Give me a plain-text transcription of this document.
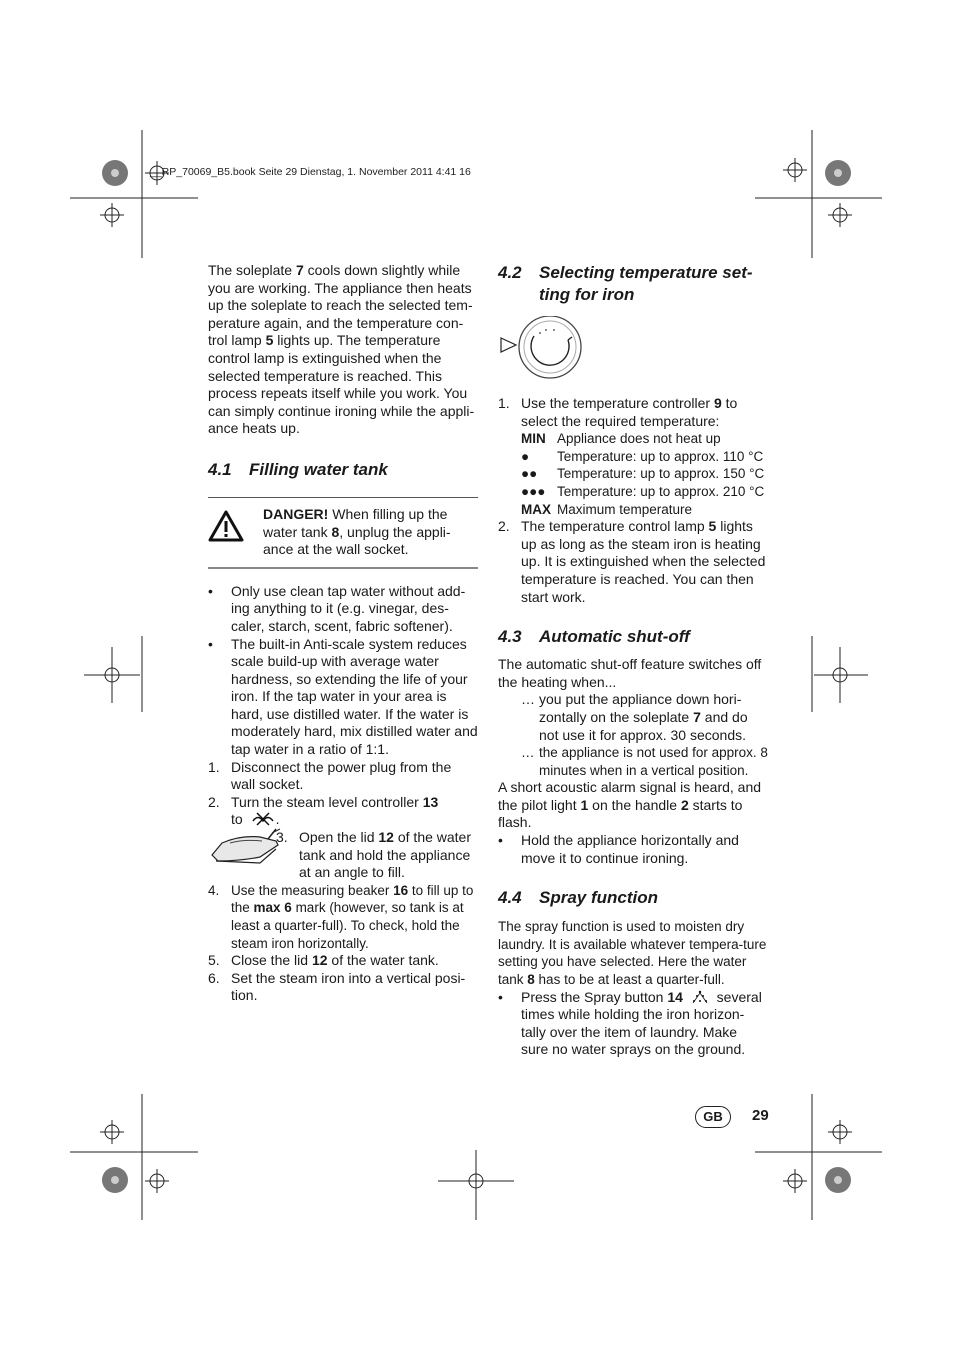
__RP_70069_B5.book Seite 29 Dienstag, 1. November 2011 4:41 16

The soleplate 7 cools down slightly while you are working. The appliance then heats up the soleplate to reach the selected tem-perature again, and the temperature con-trol lamp 5 lights up. The temperature control lamp is extinguished when the selected temperature is reached. This process repeats itself while you work. You can simply continue ironing while the appli-ance heats up.

4.1 Filling water tank

DANGER! When filling up the water tank 8, unplug the appli-ance at the wall socket.

• Only use clean tap water without add-ing anything to it (e.g. vinegar, des-caler, starch, scent, fabric softener).
• The built-in Anti-scale system reduces scale build-up with average water hardness, so extending the life of your iron. If the tap water in your area is hard, use distilled water. If the water is moderately hard, mix distilled water and tap water in a ratio of 1:1.
1. Disconnect the power plug from the wall socket.
2. Turn the steam level controller 13
to .
3. Open the lid 12 of the water tank and hold the appliance at an angle to fill.
4. Use the measuring beaker 16 to fill up to the max 6 mark (however, so tank is at least a quarter-full). To check, hold the steam iron horizontally.
5. Close the lid 12 of the water tank.
6. Set the steam iron into a vertical posi-tion.
4.2	Selecting temperature set-ting for iron
1. Use the temperature controller 9 to select the required temperature:
MIN Appliance does not heat up
●	Temperature: up to approx. 110 °C
●●	Temperature: up to approx. 150 °C
●●● Temperature: up to approx. 210 °C
MAX Maximum temperature
2. The temperature control lamp 5 lights up as long as the steam iron is heating up. It is extinguished when the selected temperature is reached. You can then start work.
4.3 Automatic shut-off

The automatic shut-off feature switches off the heating when...

… you put the appliance down hori-zontally on the soleplate 7 and do not use it for approx. 30 seconds.
… the appliance is not used for approx. 8 minutes when in a vertical position.

A short acoustic alarm signal is heard, and the pilot light 1 on the handle 2 starts to flash.

• Hold the appliance horizontally and move it to continue ironing.
4.4 Spray function

The spray function is used to moisten dry laundry. It is available whatever tempera-ture setting you have selected. Here the water tank 8 has to be at least a quarter-full.

• Press the Spray button 14  several times while holding the iron horizon-tally over the item of laundry. Make sure no water sprays on the ground.
GB	29
